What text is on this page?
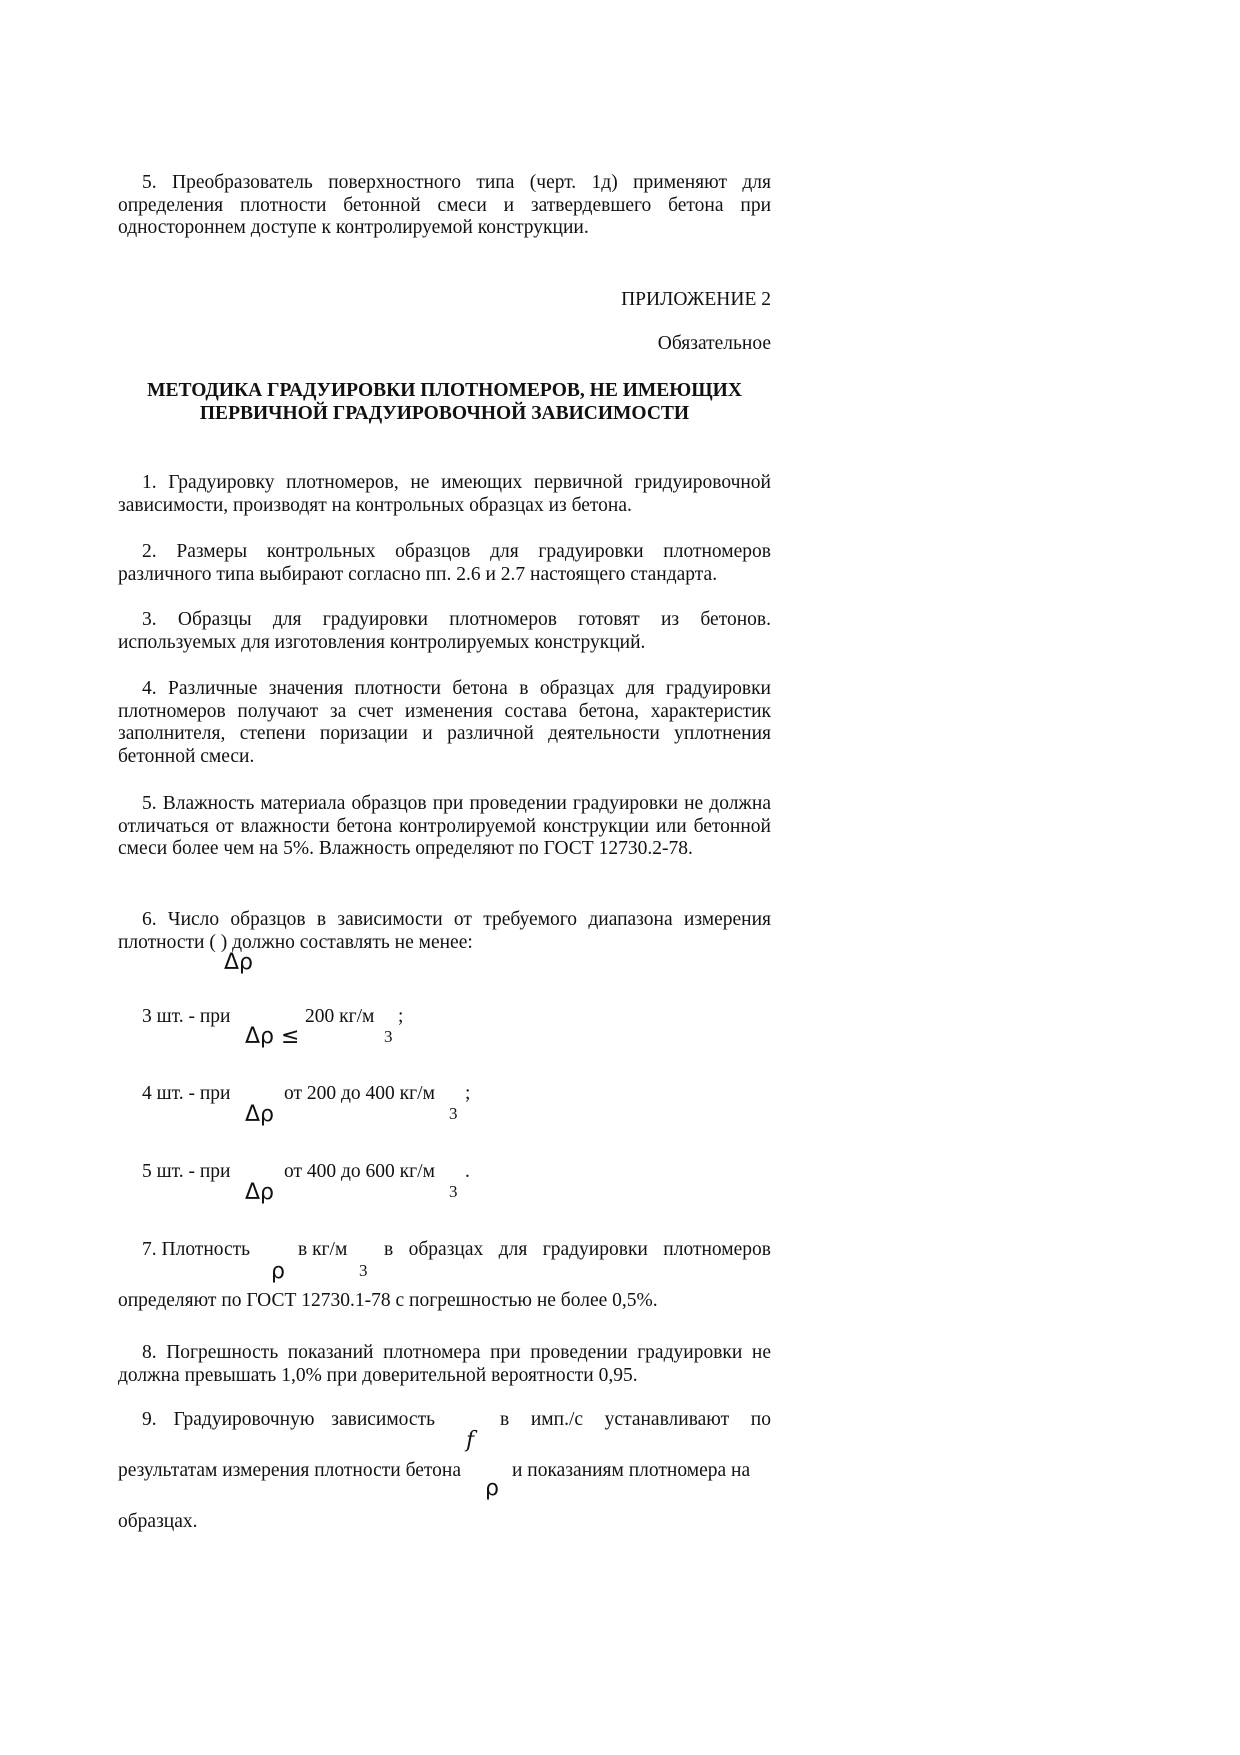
5. Преобразователь поверхностного типа (черт. 1д) применяют для определения плотности бетонной смеси и затвердевшего бетона при одностороннем доступе к контролируемой конструкции.

ПРИЛОЖЕНИЕ 2
Обязательное
МЕТОДИКА ГРАДУИРОВКИ ПЛОТНОМЕРОВ, НЕ ИМЕЮЩИХ
ПЕРВИЧНОЙ ГРАДУИРОВОЧНОЙ ЗАВИСИМОСТИ

1. Градуировку плотномеров, не имеющих первичной гридуировочной зависимости, производят на контрольных образцах из бетона.

2. Размеры контрольных образцов для градуировки плотномеров различного типа выбирают согласно пп. 2.6 и 2.7 настоящего стандарта.

3. Образцы для градуировки плотномеров готовят из бетонов. используемых для изготовления контролируемых конструкций.

4. Различные значения плотности бетона в образцах для градуировки плотномеров получают за счет изменения состава бетона, характеристик заполнителя, степени поризации и различной деятельности уплотнения бетонной смеси.

5. Влажность материала образцов при проведении градуировки не должна отличаться от влажности бетона контролируемой конструкции или бетонной смеси более чем на 5%. Влажность определяют по ГОСТ 12730.2-78.

6. Число образцов в зависимости от требуемого диапазона измерения плотности ( ) должно составлять не менее:

Δρ
3 шт. - при
Δρ ≤
200 кг/м
3
;
4 шт. - при
Δρ
от 200 до 400 кг/м
3
;
5 шт. - при
Δρ
от 400 до 600 кг/м
3
.
7. Плотность
ρ
в кг/м
3
в образцах для градуировки плотномеров
определяют по ГОСТ 12730.1-78 с погрешностью не более 0,5%.

8. Погрешность показаний плотномера при проведении градуировки не должна превышать 1,0% при доверительной вероятности 0,95.

9. Градуировочную зависимость
f
в имп./с устанавливают по
результатам измерения плотности бетона
ρ
и показаниям плотномера на
образцах.
